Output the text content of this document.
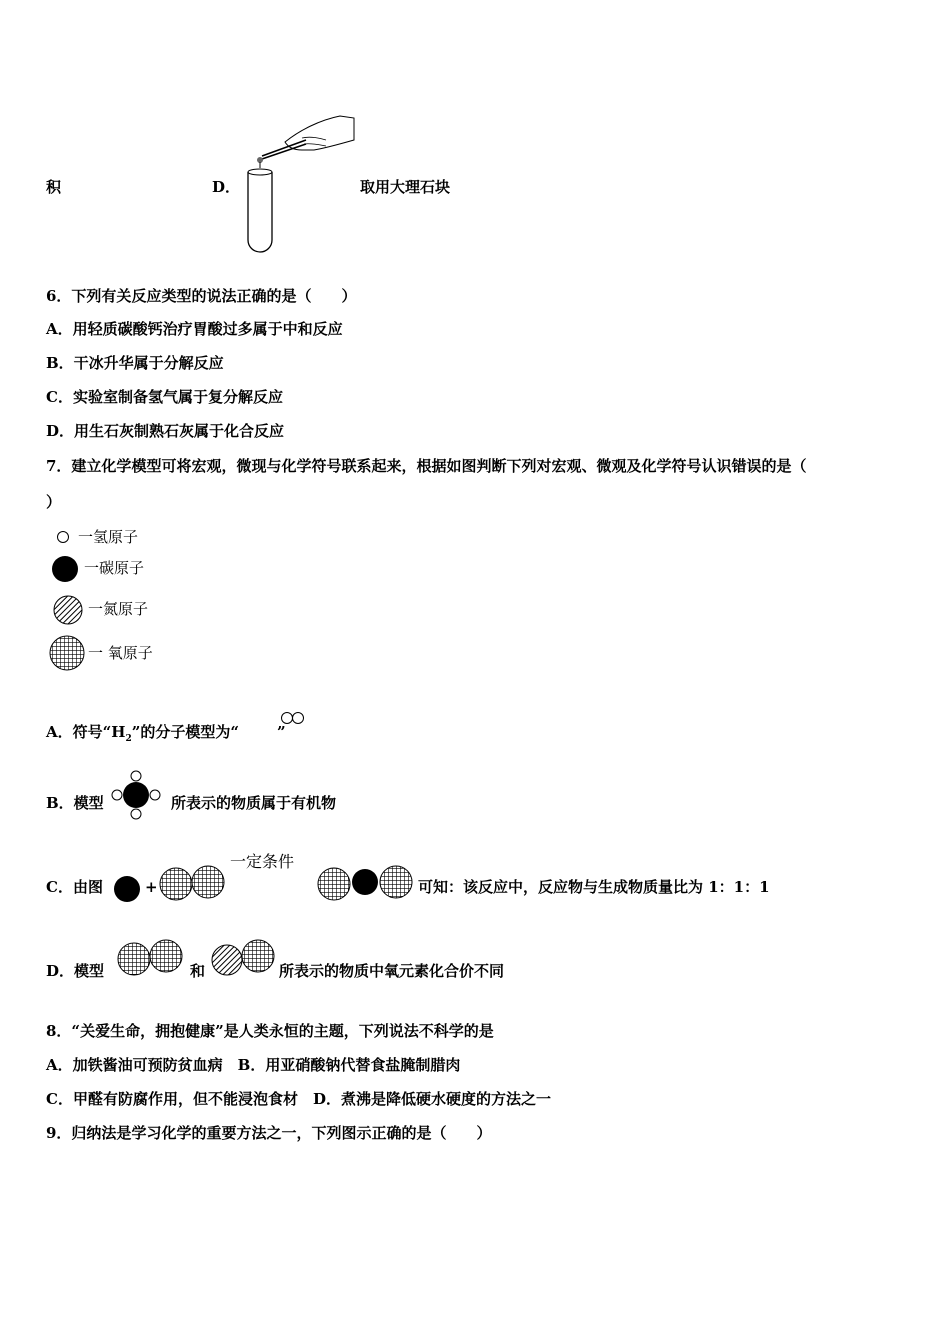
积	D．	取用大理石块
6．下列有关反应类型的说法正确的是（　　）
A．用轻质碳酸钙治疗胃酸过多属于中和反应
B．干冰升华属于分解反应
C．实验室制备氢气属于复分解反应
D．用生石灰制熟石灰属于化合反应
7．建立化学模型可将宏观，微现与化学符号联系起来，根据如图判断下列对宏观、微观及化学符号认识错误的是（
）
一氢原子
一碳原子
一氮原子
一 氧原子
A．符号“$H_2$”的分子模型为“	”
B．模型	所表示的物质属于有机物
C．由图	+
一定条件
可知：该反应中，反应物与生成物质量比为 1：1：1
D．模型	和	所表示的物质中氧元素化合价不同
8．“关爱生命，拥抱健康”是人类永恒的主题，下列说法不科学的是
A．加铁酱油可预防贫血病　B．用亚硝酸钠代替食盐腌制腊肉
C．甲醛有防腐作用，但不能浸泡食材　D．煮沸是降低硬水硬度的方法之一
9．归纳法是学习化学的重要方法之一，下列图示正确的是（　　）
